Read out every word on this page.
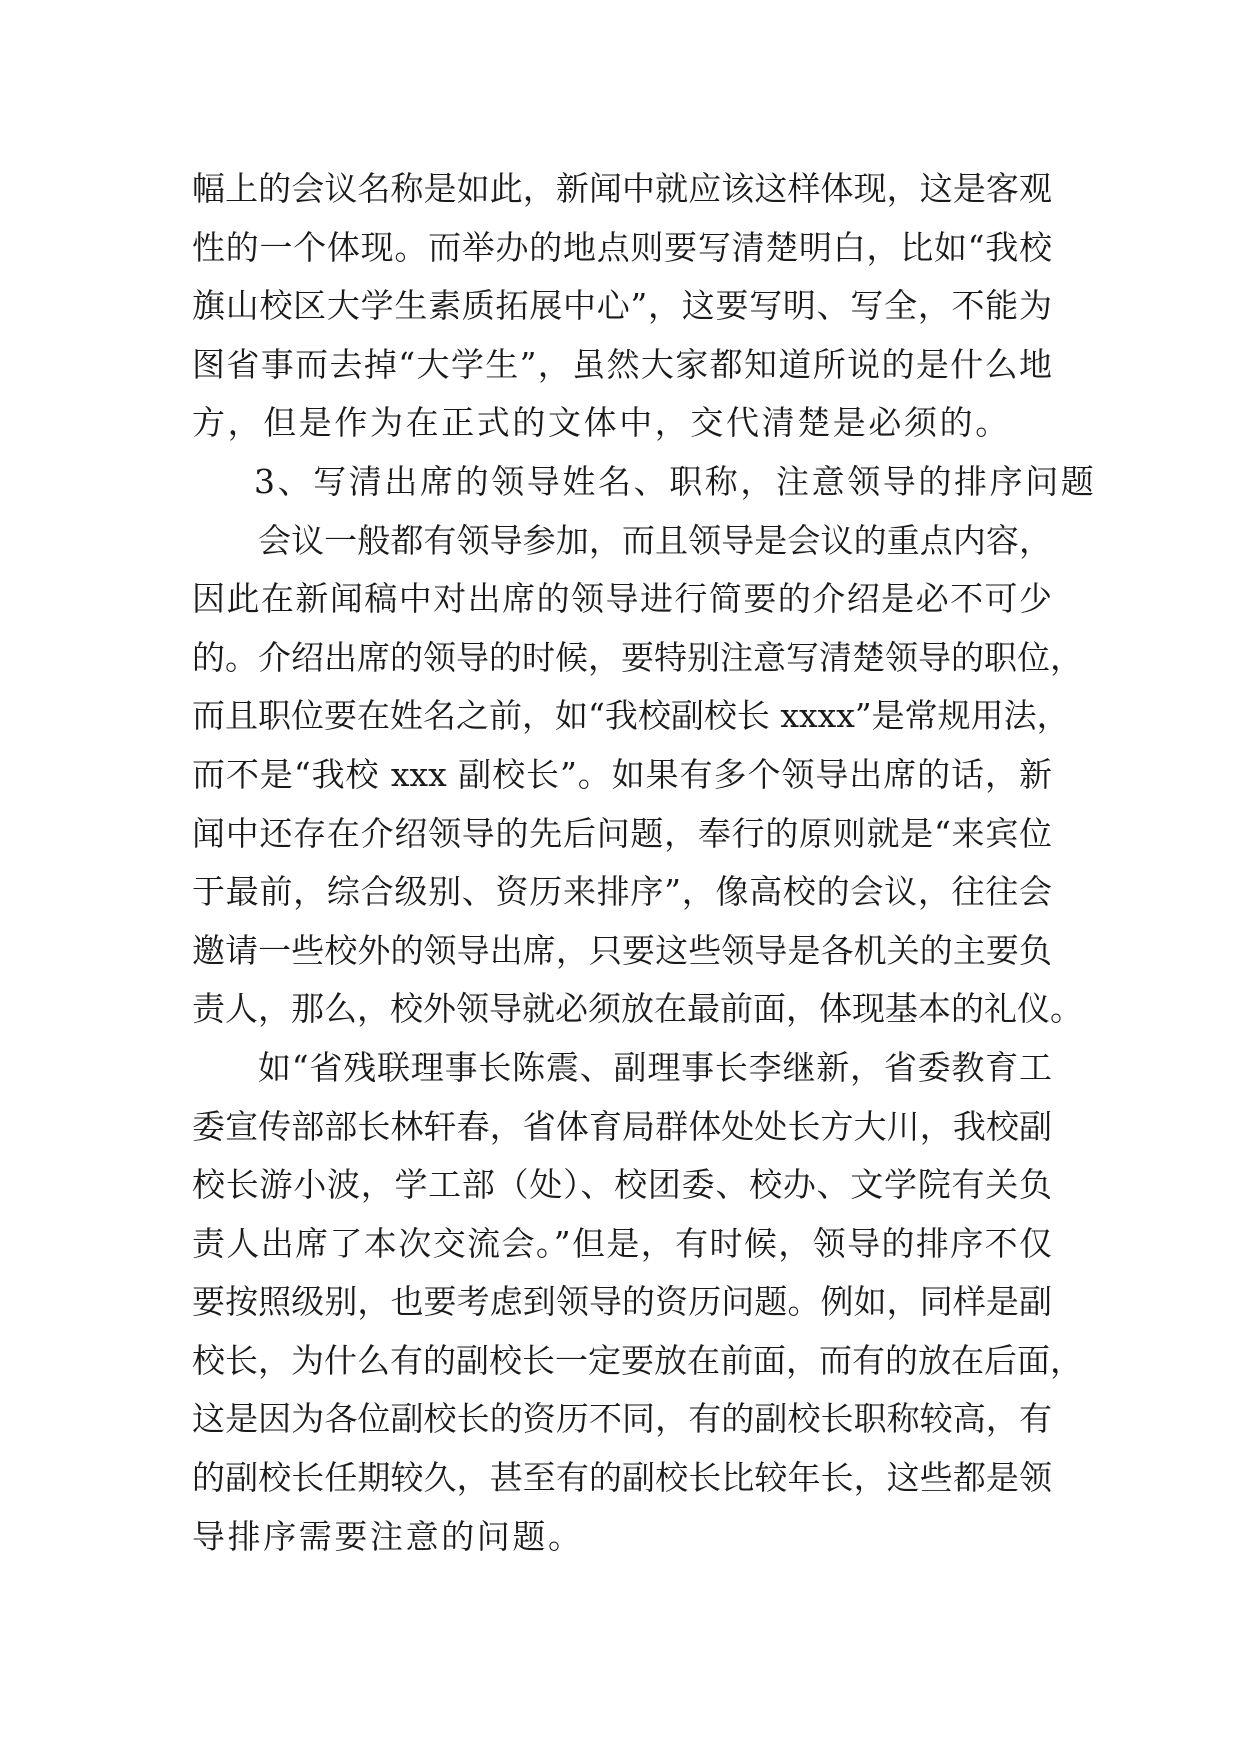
幅上的会议名称是如此，新闻中就应该这样体现，这是客观
性的一个体现。而举办的地点则要写清楚明白，比如“我校
旗山校区大学生素质拓展中心”，这要写明、写全，不能为
图省事而去掉“大学生”，虽然大家都知道所说的是什么地
方，但是作为在正式的文体中，交代清楚是必须的。
3、写清出席的领导姓名、职称，注意领导的排序问题
会议一般都有领导参加，而且领导是会议的重点内容，
因此在新闻稿中对出席的领导进行简要的介绍是必不可少
的。介绍出席的领导的时候，要特别注意写清楚领导的职位，
而且职位要在姓名之前，如“我校副校长 xxxx”是常规用法，
而不是“我校 xxx 副校长”。如果有多个领导出席的话，新
闻中还存在介绍领导的先后问题，奉行的原则就是“来宾位
于最前，综合级别、资历来排序”，像高校的会议，往往会
邀请一些校外的领导出席，只要这些领导是各机关的主要负
责人，那么，校外领导就必须放在最前面，体现基本的礼仪。
如“省残联理事长陈震、副理事长李继新，省委教育工
委宣传部部长林轩春，省体育局群体处处长方大川，我校副
校长游小波，学工部（处）、校团委、校办、文学院有关负
责人出席了本次交流会。”但是，有时候，领导的排序不仅
要按照级别，也要考虑到领导的资历问题。例如，同样是副
校长，为什么有的副校长一定要放在前面，而有的放在后面，
这是因为各位副校长的资历不同，有的副校长职称较高，有
的副校长任期较久，甚至有的副校长比较年长，这些都是领
导排序需要注意的问题。
